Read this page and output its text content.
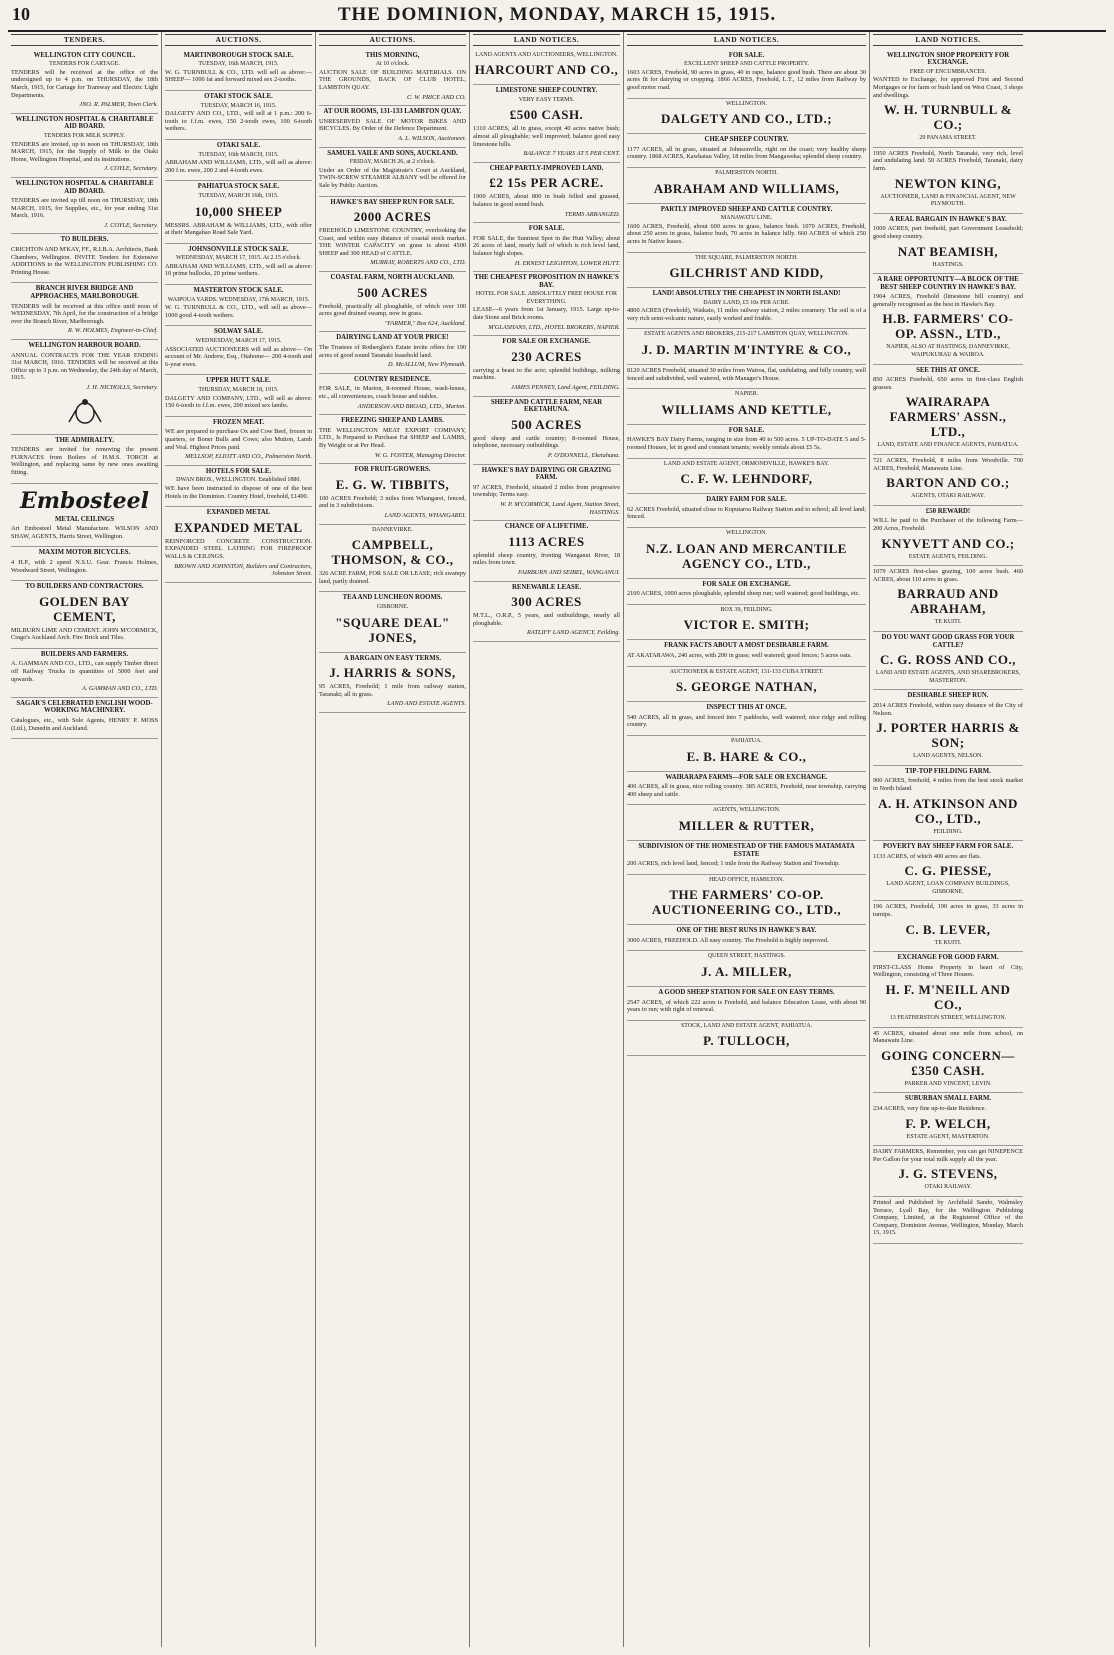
10	THE DOMINION, MONDAY, MARCH 15, 1915.
TENDERS.
WELLINGTON CITY COUNCIL.
TENDERS FOR CARTAGE.

TENDERS will be received at the office of the undersigned up to 4 p.m. on THURSDAY, the 18th March, 1915, for Cartage for Tramway and Electric Light Departments.

JNO. R. PALMER, Town Clerk.
WELLINGTON HOSPITAL & CHARITABLE AID BOARD.
TENDERS FOR MILK SUPPLY.

TENDERS are invited, up to noon on THURSDAY, 18th MARCH, 1915, for the Supply of Milk to the Otaki Home, Wellington Hospital, and its institutions.

J. COYLE, Secretary.
WELLINGTON HOSPITAL & CHARITABLE AID BOARD.

TENDERS are invited up till noon on THURSDAY, 18th MARCH, 1915, for Supplies, etc., for year ending 31st March, 1916.

J. COYLE, Secretary.
TO BUILDERS.

CRICHTON AND M'KAY, FF., R.I.B.A. Architects, Bank Chambers, Wellington. INVITE Tenders for Extensive ADDITIONS to the WELLINGTON PUBLISHING CO. Printing House.

BRANCH RIVER BRIDGE AND APPROACHES, MARLBOROUGH.

TENDERS will be received at this office until noon of WEDNESDAY, 7th April, for the construction of a bridge over the Branch River, Marlborough.

R. W. HOLMES, Engineer-in-Chief.
WELLINGTON HARBOUR BOARD.

ANNUAL CONTRACTS FOR THE YEAR ENDING 31st MARCH, 1916. TENDERS will be received at this Office up to 3 p.m. on Wednesday, the 24th day of March, 1915.

J. H. NICHOLLS, Secretary.
THE ADMIRALTY.

TENDERS are invited for removing the present FURNACES from Boilers of H.M.S. TORCH at Wellington, and replacing same by new ones awaiting fitting.

Embosteel
METAL CEILINGS

Art Embosteel Metal Manufacture. WILSON AND SHAW, AGENTS, Harris Street, Wellington.

MAXIM MOTOR BICYCLES.

4 H.P., with 2 speed N.S.U. Gear. Francis Holmes, Woodward Street, Wellington.

TO BUILDERS AND CONTRACTORS.
GOLDEN BAY CEMENT,

MILBURN LIME AND CEMENT. JOHN M'CORMICK, Crago's Auckland Arch. Fire Brick and Tiles.

BUILDERS AND FARMERS.

A. GAMMAN AND CO., LTD., can supply Timber direct off Railway Trucks in quantities of 5000 feet and upwards.

A. GAMMAN AND CO., LTD.
SAGAR'S CELEBRATED ENGLISH WOOD-WORKING MACHINERY.

Catalogues, etc., with Sole Agents, HENRY P. MOSS (Ltd.), Dunedin and Auckland.

AUCTIONS.
MARTINBOROUGH STOCK SALE.
TUESDAY, 16th MARCH, 1915.

W. G. TURNBULL & CO., LTD. will sell as above:— SHEEP— 1000 fat and forward mixed sex 2-tooths.

OTAKI STOCK SALE.
TUESDAY, MARCH 16, 1915.

DALGETY AND CO., LTD., will sell at 1 p.m.: 200 6-tooth to f.f.m. ewes, 150 2-tooth ewes, 100 6-tooth wethers.

OTAKI SALE.
TUESDAY, 16th MARCH, 1915.

ABRAHAM AND WILLIAMS, LTD., will sell as above: 200 f.m. ewes, 200 2 and 4-tooth ewes.

PAHIATUA STOCK SALE.
TUESDAY, MARCH 16th, 1915.
10,000 SHEEP

MESSRS. ABRAHAM & WILLIAMS, LTD., with offer at their Mangahao Road Sale Yard.

JOHNSONVILLE STOCK SALE.
WEDNESDAY, MARCH 17, 1915. At 2.15 o'clock.

ABRAHAM AND WILLIAMS, LTD., will sell as above: 10 prime bullocks, 20 prime wethers.

MASTERTON STOCK SALE.
WAIPOUA YARDS. WEDNESDAY, 17th MARCH, 1915.

W. G. TURNBULL & CO., LTD., will sell as above— 1000 good 4-tooth wethers.

SOLWAY SALE.
WEDNESDAY, MARCH 17, 1915.

ASSOCIATED AUCTIONEERS will sell as above— On account of Mr. Andrew, Esq., Otahome— 200 4-tooth and 6-year ewes.

UPPER HUTT SALE.
THURSDAY, MARCH 18, 1915.

DALGETY AND COMPANY, LTD., will sell as above: 150 6-tooth to f.f.m. ewes, 200 mixed sex lambs.

FROZEN MEAT.

WE are prepared to purchase Ox and Cow Beef, frozen in quarters, or Boner Bulls and Cows; also Mutton, Lamb and Veal. Highest Prices paid.

MELLSOP, ELIOTT AND CO., Palmerston North.
HOTELS FOR SALE.
DWAN BROS., WELLINGTON. Established 1880.

WE have been instructed to dispose of one of the best Hotels in the Dominion. Country Hotel, freehold, £1400.

EXPANDED METAL
EXPANDED METAL

REINFORCED CONCRETE CONSTRUCTION. EXPANDED STEEL LATHING FOR FIREPROOF WALLS & CEILINGS.

BROWN AND JOHNSTON, Builders and Contractors, Johnston Street.
AUCTIONS.
THIS MORNING,
At 10 o'clock.

AUCTION SALE OF BUILDING MATERIALS. ON THE GROUNDS, BACK OF CLUB HOTEL, LAMBTON QUAY.

C. W. PRICE AND CO.
AT OUR ROOMS, 131-133 LAMBTON QUAY.

UNRESERVED SALE OF MOTOR BIKES AND BICYCLES. By Order of the Defence Department.

A. L. WILSON, Auctioneer.
SAMUEL VAILE AND SONS, AUCKLAND.
FRIDAY, MARCH 26, at 2 o'clock.

Under an Order of the Magistrate's Court at Auckland, TWIN-SCREW STEAMER ALBANY will be offered for Sale by Public Auction.

HAWKE'S BAY SHEEP RUN FOR SALE.
2000 ACRES

FREEHOLD LIMESTONE COUNTRY, overlooking the Coast, and within easy distance of coastal stock market. THE WINTER CAPACITY on grass is about 4500 SHEEP and 300 HEAD of CATTLE.

MURRAY, ROBERTS AND CO., LTD.
COASTAL FARM, NORTH AUCKLAND.
500 ACRES

Freehold, practically all ploughable, of which over 100 acres good drained swamp, now in grass.

"FARMER," Box 624, Auckland.
DAIRYING LAND AT YOUR PRICE!

The Trustees of Rotherglen's Estate invite offers for 190 acres of good sound Taranaki leasehold land.

D. McALLUM, New Plymouth.
COUNTRY RESIDENCE.

FOR SALE, in Marton, 8-roomed House, wash-house, etc., all conveniences, coach house and stables.

ANDERSON AND BROAD, LTD., Marton.
FREEZING SHEEP AND LAMBS.

THE WELLINGTON MEAT EXPORT COMPANY, LTD., Is Prepared to Purchase Fat SHEEP and LAMBS, By Weight or at Per Head.

W. G. FOSTER, Managing Director.
FOR FRUIT-GROWERS.
E. G. W. TIBBITS,

100 ACRES Freehold; 3 miles from Whangarei, fenced, and in 3 subdivisions.

LAND AGENTS, WHANGAREI.
DANNEVIRKE.
CAMPBELL, THOMSON, & CO.,

326 ACRE FARM, FOR SALE OR LEASE; rich swampy land, partly drained.

TEA AND LUNCHEON ROOMS.
GISBORNE.
"SQUARE DEAL" JONES,
A BARGAIN ON EASY TERMS.
J. HARRIS & SONS,

95 ACRES, Freehold; 1 mile from railway station, Taranaki; all in grass.

LAND AND ESTATE AGENTS.
LAND NOTICES.
LAND AGENTS AND AUCTIONEERS, WELLINGTON.
HARCOURT AND CO.,
LIMESTONE SHEEP COUNTRY.
VERY EASY TERMS.
£500 CASH.

1310 ACRES, all in grass, except 40 acres native bush; almost all ploughable; well improved; balance good easy limestone hills.

BALANCE 7 YEARS AT 5 PER CENT.
CHEAP PARTLY-IMPROVED LAND.
£2 15s PER ACRE.

1900 ACRES, about 800 in bush felled and grassed, balance in good sound bush.

TERMS ARRANGED.
FOR SALE.

FOR SALE, the Sunniest Spot in the Hutt Valley; about 26 acres of land, nearly half of which is rich level land, balance high slopes.

H. ERNEST LEIGHTON, LOWER HUTT.
THE CHEAPEST PROPOSITION IN HAWKE'S BAY.
HOTEL FOR SALE. ABSOLUTELY FREE HOUSE FOR EVERYTHING.

LEASE—6 years from 1st January, 1915. Large up-to-date Stone and Brick rooms.

M'GLASHANS, LTD., HOTEL BROKERS, NAPIER.
FOR SALE OR EXCHANGE.
230 ACRES

carrying a beast to the acre; splendid buildings, milking machine.

JAMES PENNEY, Land Agent, FEILDING.
SHEEP AND CATTLE FARM, NEAR EKETAHUNA.
500 ACRES

good sheep and cattle country; 8-roomed House, telephone, necessary outbuildings.

P. O'DONNELL, Eketahuna.
HAWKE'S BAY DAIRYING OR GRAZING FARM.

97 ACRES, Freehold, situated 2 miles from progressive township; Terms easy.

W. P. M'CORMICK, Land Agent, Station Street, HASTINGS.
CHANCE OF A LIFETIME.
1113 ACRES

splendid sheep country, fronting Wanganui River, 18 miles from town.

FAIRBURN AND SEIBEL, WANGANUI.
RENEWABLE LEASE.
300 ACRES

M.T.L., O.R.P., 5 years, and outbuildings, nearly all ploughable.

RATLIFF LAND AGENCY, Feilding.
LAND NOTICES.
FOR SALE.
EXCELLENT SHEEP AND CATTLE PROPERTY.

1603 ACRES, Freehold, 90 acres in grass, 40 in rape, balance good bush. There are about 30 acres fit for dairying or cropping. 1866 ACRES, Freehold, L.T., 12 miles from Railway by good motor road.

WELLINGTON.
DALGETY AND CO., LTD.;
CHEAP SHEEP COUNTRY.

1177 ACRES, all in grass, situated at Johnsonville, right on the coast; very healthy sheep country. 1868 ACRES, Kawhatau Valley, 18 miles from Mangaweka; splendid sheep country.

PALMERSTON NORTH.
ABRAHAM AND WILLIAMS,
PARTLY IMPROVED SHEEP AND CATTLE COUNTRY.
MANAWATU LINE.

1600 ACRES, Freehold, about 600 acres in grass, balance bush. 1070 ACRES, Freehold, about 250 acres in grass, balance bush, 70 acres in balance hilly. 660 ACRES of which 250 acres in Native leases.

THE SQUARE, PALMERSTON NORTH.
GILCHRIST AND KIDD,
LAND! ABSOLUTELY THE CHEAPEST IN NORTH ISLAND!
DAIRY LAND, £5 10s PER ACRE.

4800 ACRES (Freehold), Waikato, 11 miles railway station, 2 miles creamery. The soil is of a very rich semi-volcanic nature, easily worked and friable.

ESTATE AGENTS AND BROKERS, 215-217 LAMBTON QUAY, WELLINGTON.
J. D. MARTIN M'INTYRE & CO.,

8120 ACRES Freehold, situated 30 miles from Wairoa, flat, undulating, and hilly country, well fenced and subdivided, well watered, with Manager's House.

NAPIER.
WILLIAMS AND KETTLE,
FOR SALE.

HAWKE'S BAY Dairy Farms, ranging in size from 40 to 500 acres. 5 UP-TO-DATE 5 and 5-roomed Houses, let in good and constant tenants; weekly rentals about £5 5s.

LAND AND ESTATE AGENT, ORMONDVILLE, HAWKE'S BAY.
C. F. W. LEHNDORF,
DAIRY FARM FOR SALE.

62 ACRES Freehold, situated close to Koputaroa Railway Station and to school; all level land; fenced.

WELLINGTON.
N.Z. LOAN AND MERCANTILE AGENCY CO., LTD.,
FOR SALE OR EXCHANGE.

2100 ACRES, 1000 acres ploughable, splendid sheep run; well watered; good buildings, etc.

BOX 39, FEILDING.
VICTOR E. SMITH;
FRANK FACTS ABOUT A MOST DESIRABLE FARM.

AT AKATARAWA, 240 acres, with 200 in grass; well watered; good fences; 5 acres oats.

AUCTIONEER & ESTATE AGENT, 131-133 CUBA STREET.
S. GEORGE NATHAN,
INSPECT THIS AT ONCE.

540 ACRES, all in grass, and fenced into 7 paddocks, well watered; nice ridgy and rolling country.

PAHIATUA.
E. B. HARE & CO.,
WAIRARAPA FARMS—FOR SALE OR EXCHANGE.

400 ACRES, all in grass, nice rolling country. 385 ACRES, Freehold, near township, carrying 400 sheep and cattle.

AGENTS, WELLINGTON.
MILLER & RUTTER,
SUBDIVISION OF THE HOMESTEAD OF THE FAMOUS MATAMATA ESTATE

200 ACRES, rich level land, fenced; 1 mile from the Railway Station and Township.

HEAD OFFICE, HAMILTON.
THE FARMERS' CO-OP. AUCTIONEERING CO., LTD.,
ONE OF THE BEST RUNS IN HAWKE'S BAY.

3000 ACRES, FREEHOLD. All easy country. The Freehold is highly improved.

QUEEN STREET, HASTINGS.
J. A. MILLER,
A GOOD SHEEP STATION FOR SALE ON EASY TERMS.

2547 ACRES, of which 222 acres is Freehold, and balance Education Lease, with about 90 years to run; with right of renewal.

STOCK, LAND AND ESTATE AGENT, PAHIATUA.
P. TULLOCH,
LAND NOTICES.
WELLINGTON SHOP PROPERTY FOR EXCHANGE.
FREE OF ENCUMBRANCES.

WANTED to Exchange, for approved First and Second Mortgages or for farm or bush land on West Coast, 3 shops and dwellings.

W. H. TURNBULL & CO.;
29 PANAMA STREET.

1950 ACRES Freehold, North Taranaki, very rich, level and undulating land. 50 ACRES Freehold, Taranaki, dairy farm.

NEWTON KING,
AUCTIONEER, LAND & FINANCIAL AGENT, NEW PLYMOUTH.
A REAL BARGAIN IN HAWKE'S BAY.

1000 ACRES, part freehold, part Government Leasehold; good sheep country.

NAT BEAMISH,
HASTINGS.
A RARE OPPORTUNITY—A BLOCK OF THE BEST SHEEP COUNTRY IN HAWKE'S BAY.

1904 ACRES, Freehold (limestone hill country) and generally recognised as the best in Hawke's Bay.

H.B. FARMERS' CO-OP. ASSN., LTD.,
NAPIER, ALSO AT HASTINGS, DANNEVIRKE, WAIPUKURAU & WAIROA.
SEE THIS AT ONCE.

850 ACRES Freehold, 650 acres in first-class English grasses.

WAIRARAPA FARMERS' ASSN., LTD.,
LAND, ESTATE AND FINANCE AGENTS, PAHIATUA.

721 ACRES, Freehold, 8 miles from Woodville. 700 ACRES, Freehold, Manawatu Line.

BARTON AND CO.;
AGENTS, OTAKI RAILWAY.
£50 REWARD!

WILL be paid to the Purchaser of the following Farm—200 Acres, Freehold.

KNYVETT AND CO.;
ESTATE AGENTS, FEILDING.

1079 ACRES first-class grazing, 100 acres bush. 460 ACRES, about 110 acres in grass.

BARRAUD AND ABRAHAM,
TE KUITI.
DO YOU WANT GOOD GRASS FOR YOUR CATTLE?
C. G. ROSS AND CO.,
LAND AND ESTATE AGENTS, AND SHAREBROKERS, MASTERTON.
DESIRABLE SHEEP RUN.

2014 ACRES Freehold, within easy distance of the City of Nelson.

J. PORTER HARRIS & SON;
LAND AGENTS, NELSON.
TIP-TOP FIELDING FARM.

900 ACRES, freehold, 4 miles from the best stock market in North Island.

A. H. ATKINSON AND CO., LTD.,
FEILDING.
POVERTY BAY SHEEP FARM FOR SALE.

1133 ACRES, of which 400 acres are flats.

C. G. PIESSE,
LAND AGENT, LOAN COMPANY BUILDINGS, GISBORNE.

196 ACRES, Freehold, 190 acres in grass, 33 acres in turnips.

C. B. LEVER,
TE KUITI.
EXCHANGE FOR GOOD FARM.

FIRST-CLASS Home Property in heart of City, Wellington, consisting of Three Houses.

H. F. M'NEILL AND CO.,
13 FEATHERSTON STREET, WELLINGTON.

45 ACRES, situated about one mile from school, on Manawatu Line.

GOING CONCERN—£350 CASH.
PARKER AND VINCENT, LEVIN.
SUBURBAN SMALL FARM.

234 ACRES, very fine up-to-date Residence.

F. P. WELCH,
ESTATE AGENT, MASTERTON.

DAIRY FARMERS, Remember, you can get NINEPENCE Per Gallon for your total milk supply all the year.

J. G. STEVENS,
OTAKI RAILWAY.

Printed and Published by Archibald Sando, Walmsley Terrace, Lyall Bay, for the Wellington Publishing Company, Limited, at the Registered Office of the Company, Dominion Avenue, Wellington, Monday, March 15, 1915.
